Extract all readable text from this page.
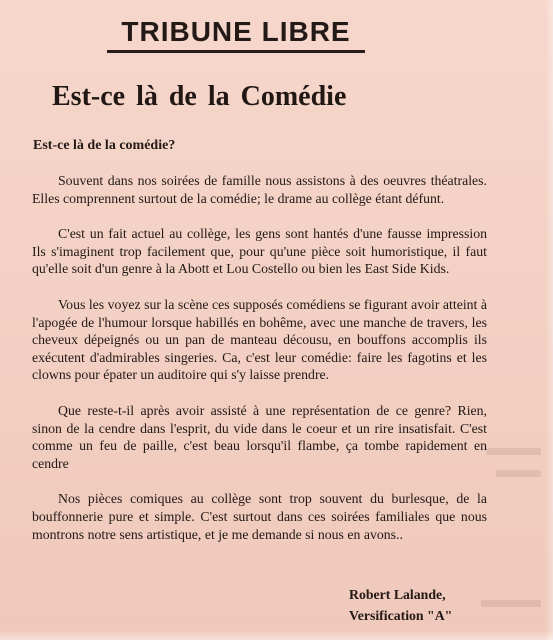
TRIBUNE LIBRE
Est-ce là de la Comédie
Est-ce là de la comédie?

Souvent dans nos soirées de famille nous assistons à des oeuvres théatrales. Elles comprennent surtout de la comédie; le drame au collège étant défunt.

C'est un fait actuel au collège, les gens sont hantés d'une fausse impression Ils s'imaginent trop facilement que, pour qu'une pièce soit humoristique, il faut qu'elle soit d'un genre à la Abott et Lou Costello ou bien les East Side Kids.

Vous les voyez sur la scène ces supposés comédiens se figurant avoir atteint à l'apogée de l'humour lorsque habillés en bohême, avec une manche de travers, les cheveux dépeignés ou un pan de manteau décousu, en bouffons accomplis ils exécutent d'admirables singeries. Ca, c'est leur comédie: faire les fagotins et les clowns pour épater un auditoire qui s'y laisse prendre.

Que reste-t-il après avoir assisté à une représentation de ce genre? Rien, sinon de la cendre dans l'esprit, du vide dans le coeur et un rire insatisfait. C'est comme un feu de paille, c'est beau lorsqu'il flambe, ça tombe rapidement en cendre

Nos pièces comiques au collège sont trop souvent du burlesque, de la bouffonnerie pure et simple. C'est surtout dans ces soirées familiales que nous montrons notre sens artistique, et je me demande si nous en avons..

Robert Lalande,
Versification "A"
